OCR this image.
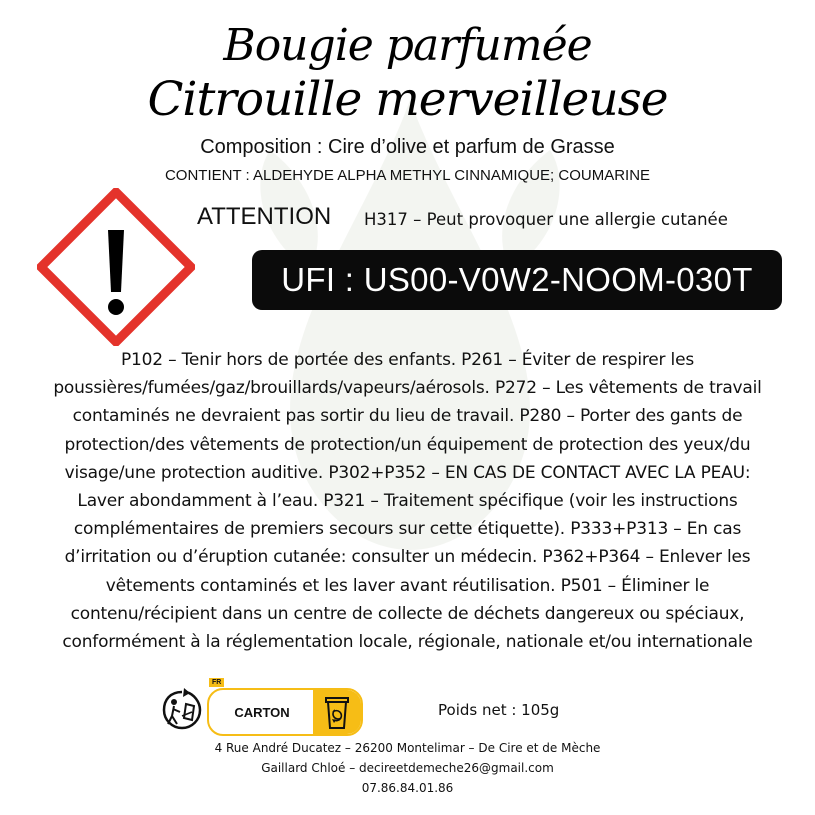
Bougie parfumée
Citrouille merveilleuse
Composition : Cire d’olive et parfum de Grasse
CONTIENT : ALDEHYDE ALPHA METHYL CINNAMIQUE; COUMARINE
ATTENTION H317 – Peut provoquer une allergie cutanée
UFI : US00-V0W2-NOOM-030T
P102 – Tenir hors de portée des enfants. P261 – Éviter de respirer les poussières/fumées/gaz/brouillards/vapeurs/aérosols. P272 – Les vêtements de travail contaminés ne devraient pas sortir du lieu de travail. P280 – Porter des gants de protection/des vêtements de protection/un équipement de protection des yeux/du visage/une protection auditive. P302+P352 – EN CAS DE CONTACT AVEC LA PEAU: Laver abondamment à l’eau. P321 – Traitement spécifique (voir les instructions complémentaires de premiers secours sur cette étiquette). P333+P313 – En cas d’irritation ou d’éruption cutanée: consulter un médecin. P362+P364 – Enlever les vêtements contaminés et les laver avant réutilisation. P501 – Éliminer le contenu/récipient dans un centre de collecte de déchets dangereux ou spéciaux, conformément à la réglementation locale, régionale, nationale et/ou internationale
FR
CARTON	Poids net : 105g
4 Rue André Ducatez – 26200 Montelimar – De Cire et de Mèche
Gaillard Chloé – decireetdemeche26@gmail.com
07.86.84.01.86
